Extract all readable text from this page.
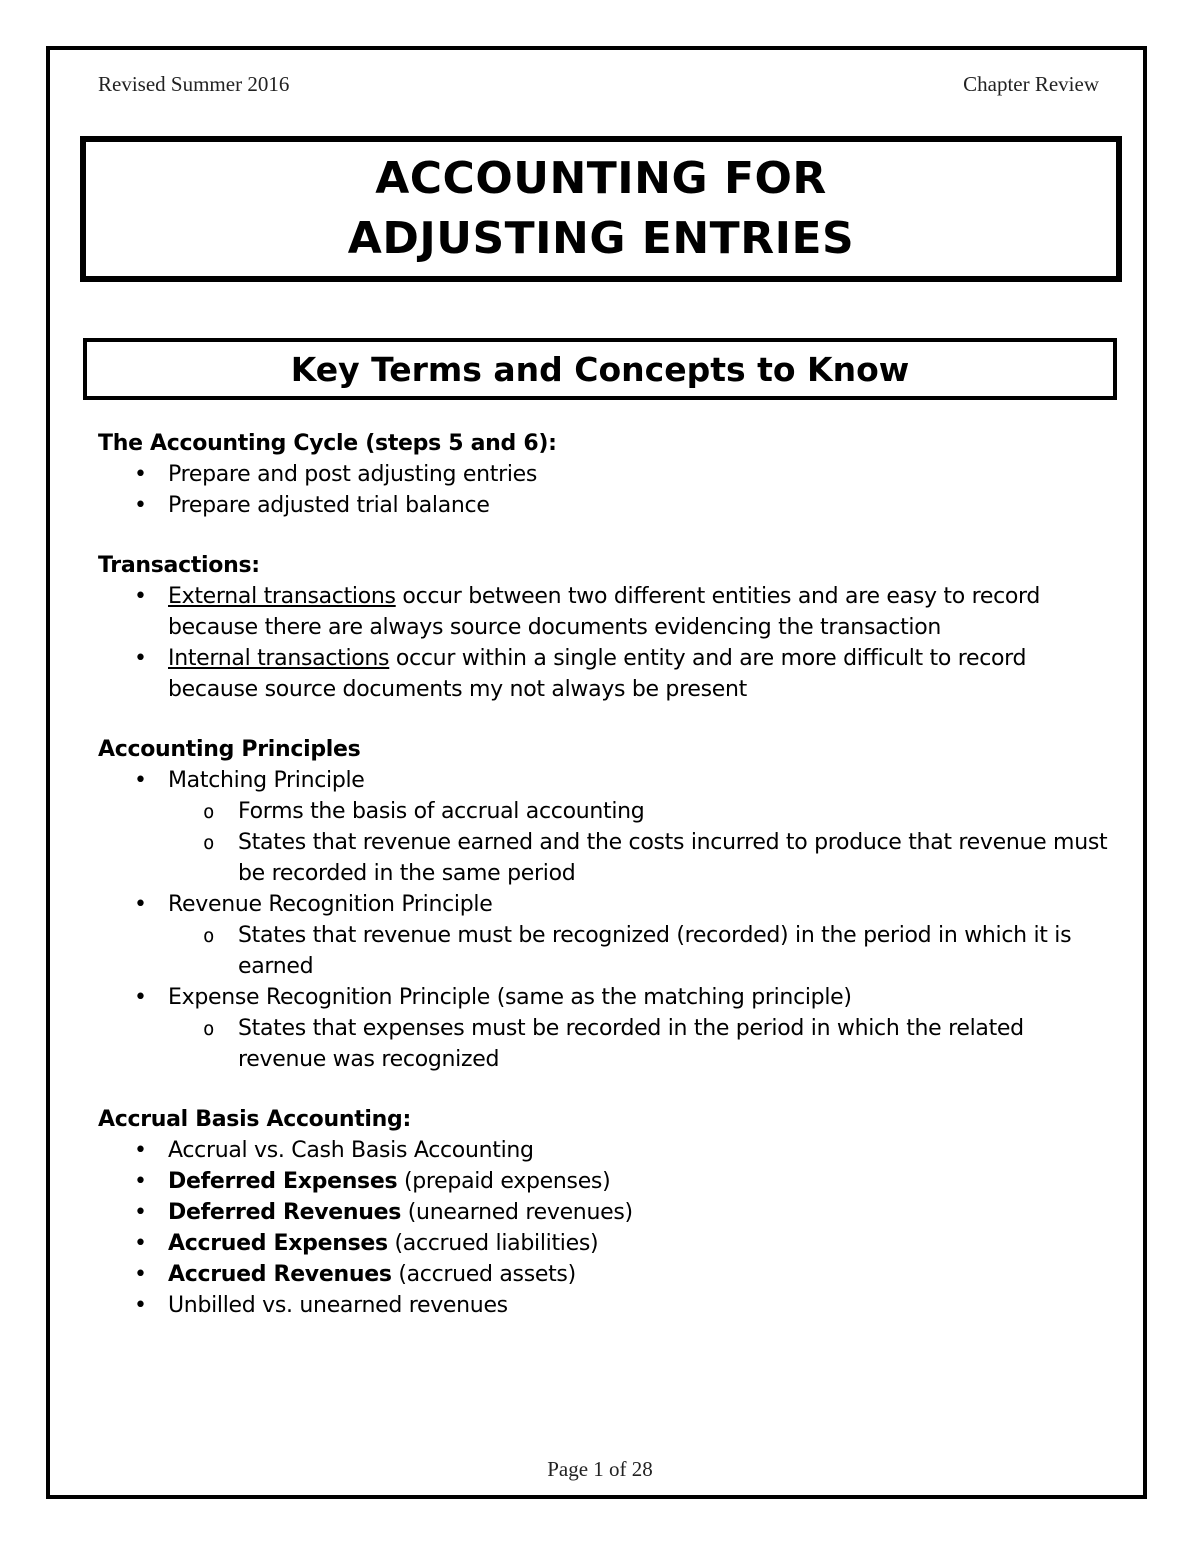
Revised Summer 2016	Chapter Review
ACCOUNTING FOR
ADJUSTING ENTRIES
Key Terms and Concepts to Know
The Accounting Cycle (steps 5 and 6):
• Prepare and post adjusting entries
• Prepare adjusted trial balance
Transactions:
• External transactions occur between two different entities and are easy to record because there are always source documents evidencing the transaction
• Internal transactions occur within a single entity and are more difficult to record because source documents my not always be present
Accounting Principles
• Matching Principle
o Forms the basis of accrual accounting
o States that revenue earned and the costs incurred to produce that revenue must be recorded in the same period
• Revenue Recognition Principle
o States that revenue must be recognized (recorded) in the period in which it is earned
• Expense Recognition Principle (same as the matching principle)
o States that expenses must be recorded in the period in which the related revenue was recognized
Accrual Basis Accounting:
• Accrual vs. Cash Basis Accounting
• Deferred Expenses (prepaid expenses)
• Deferred Revenues (unearned revenues)
• Accrued Expenses (accrued liabilities)
• Accrued Revenues (accrued assets)
• Unbilled vs. unearned revenues
Page 1 of 28
